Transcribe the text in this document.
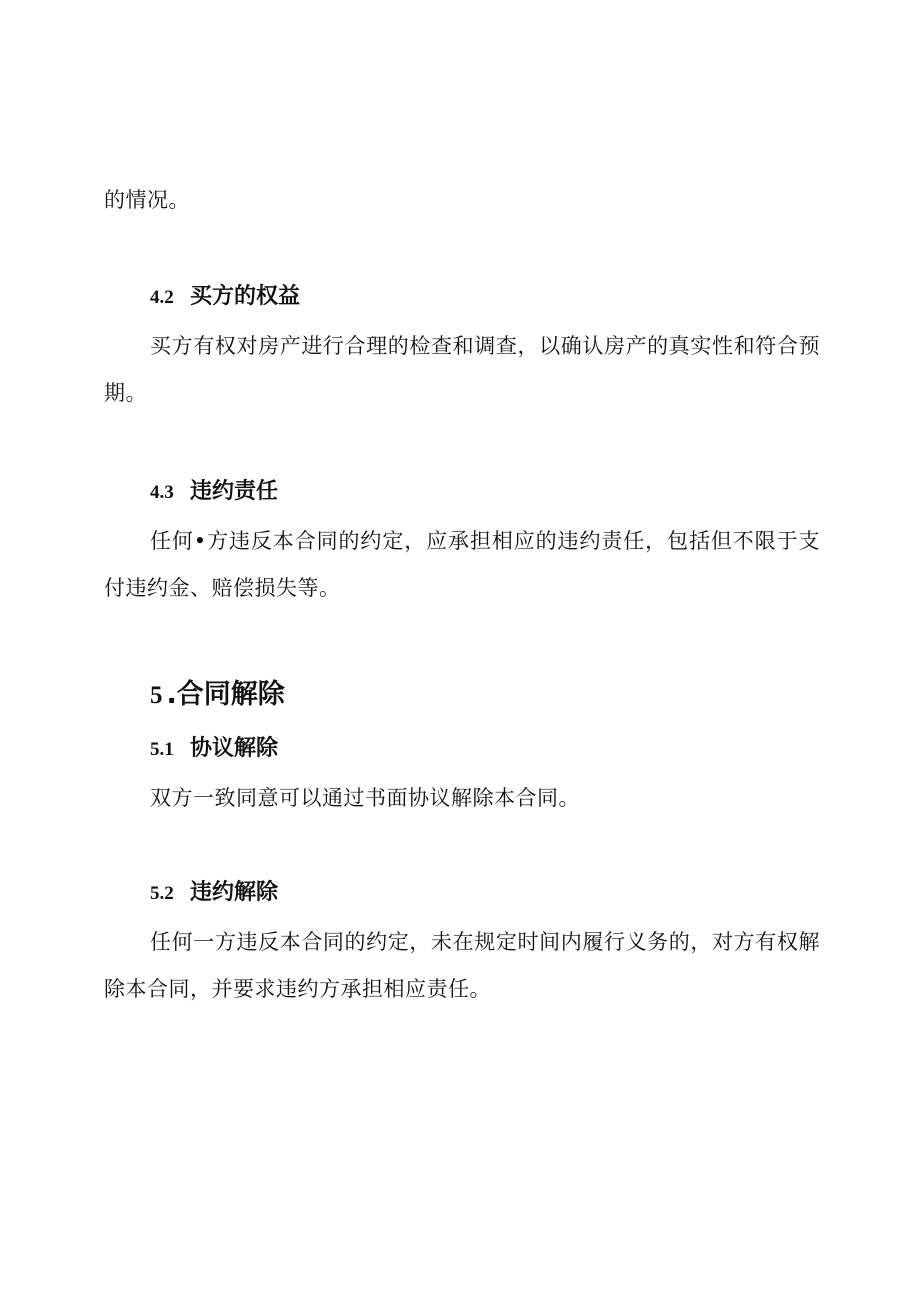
的情况。

4.2 买方的权益

买方有权对房产进行合理的检查和调查，以确认房产的真实性和符合预期。

4.3 违约责任

任何•方违反本合同的约定，应承担相应的违约责任，包括但不限于支付违约金、赔偿损失等。

5 .合同解除
5.1 协议解除

双方一致同意可以通过书面协议解除本合同。

5.2 违约解除

任何一方违反本合同的约定，未在规定时间内履行义务的，对方有权解除本合同，并要求违约方承担相应责任。
